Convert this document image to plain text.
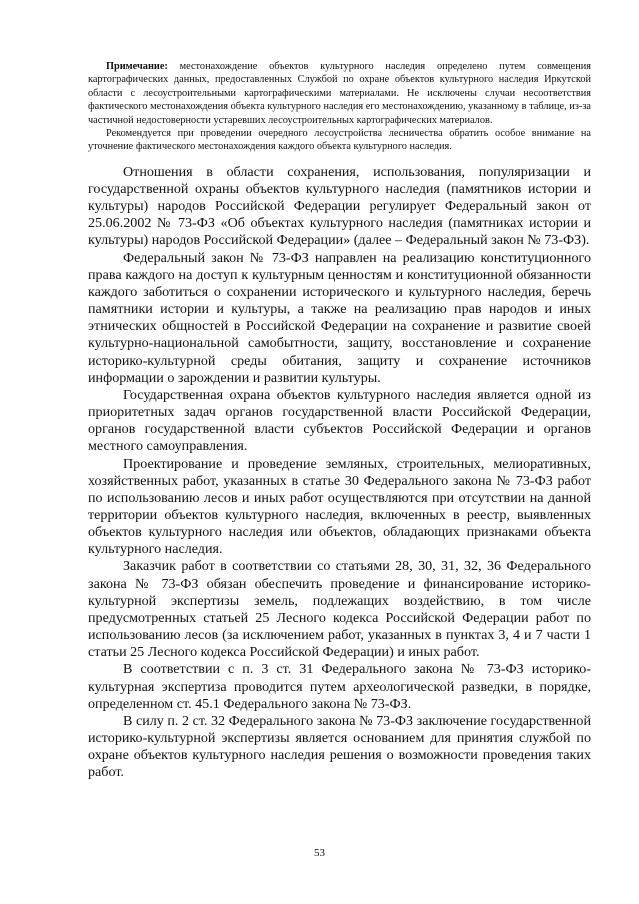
Примечание: местонахождение объектов культурного наследия определено путем совмещения картографических данных, предоставленных Службой по охране объектов культурного наследия Иркутской области с лесоустроительными картографическими материалами. Не исключены случаи несоответствия фактического местонахождения объекта культурного наследия его местонахождению, указанному в таблице, из-за частичной недостоверности устаревших лесоустроительных картографических материалов.

Рекомендуется при проведении очередного лесоустройства лесничества обратить особое внимание на уточнение фактического местонахождения каждого объекта культурного наследия.

Отношения в области сохранения, использования, популяризации и государственной охраны объектов культурного наследия (памятников истории и культуры) народов Российской Федерации регулирует Федеральный закон от 25.06.2002 № 73-ФЗ «Об объектах культурного наследия (памятниках истории и культуры) народов Российской Федерации» (далее – Федеральный закон № 73-ФЗ).

Федеральный закон № 73-ФЗ направлен на реализацию конституционного права каждого на доступ к культурным ценностям и конституционной обязанности каждого заботиться о сохранении исторического и культурного наследия, беречь памятники истории и культуры, а также на реализацию прав народов и иных этнических общностей в Российской Федерации на сохранение и развитие своей культурно-национальной самобытности, защиту, восстановление и сохранение историко-культурной среды обитания, защиту и сохранение источников информации о зарождении и развитии культуры.

Государственная охрана объектов культурного наследия является одной из приоритетных задач органов государственной власти Российской Федерации, органов государственной власти субъектов Российской Федерации и органов местного самоуправления.

Проектирование и проведение земляных, строительных, мелиоративных, хозяйственных работ, указанных в статье 30 Федерального закона № 73-ФЗ работ по использованию лесов и иных работ осуществляются при отсутствии на данной территории объектов культурного наследия, включенных в реестр, выявленных объектов культурного наследия или объектов, обладающих признаками объекта культурного наследия.

Заказчик работ в соответствии со статьями 28, 30, 31, 32, 36 Федерального закона № 73-ФЗ обязан обеспечить проведение и финансирование историко-культурной экспертизы земель, подлежащих воздействию, в том числе предусмотренных статьей 25 Лесного кодекса Российской Федерации работ по использованию лесов (за исключением работ, указанных в пунктах 3, 4 и 7 части 1 статьи 25 Лесного кодекса Российской Федерации) и иных работ.

В соответствии с п. 3 ст. 31 Федерального закона № 73-ФЗ историко-культурная экспертиза проводится путем археологической разведки, в порядке, определенном ст. 45.1 Федерального закона № 73-ФЗ.

В силу п. 2 ст. 32 Федерального закона № 73-ФЗ заключение государственной историко-культурной экспертизы является основанием для принятия службой по охране объектов культурного наследия решения о возможности проведения таких работ.

53
